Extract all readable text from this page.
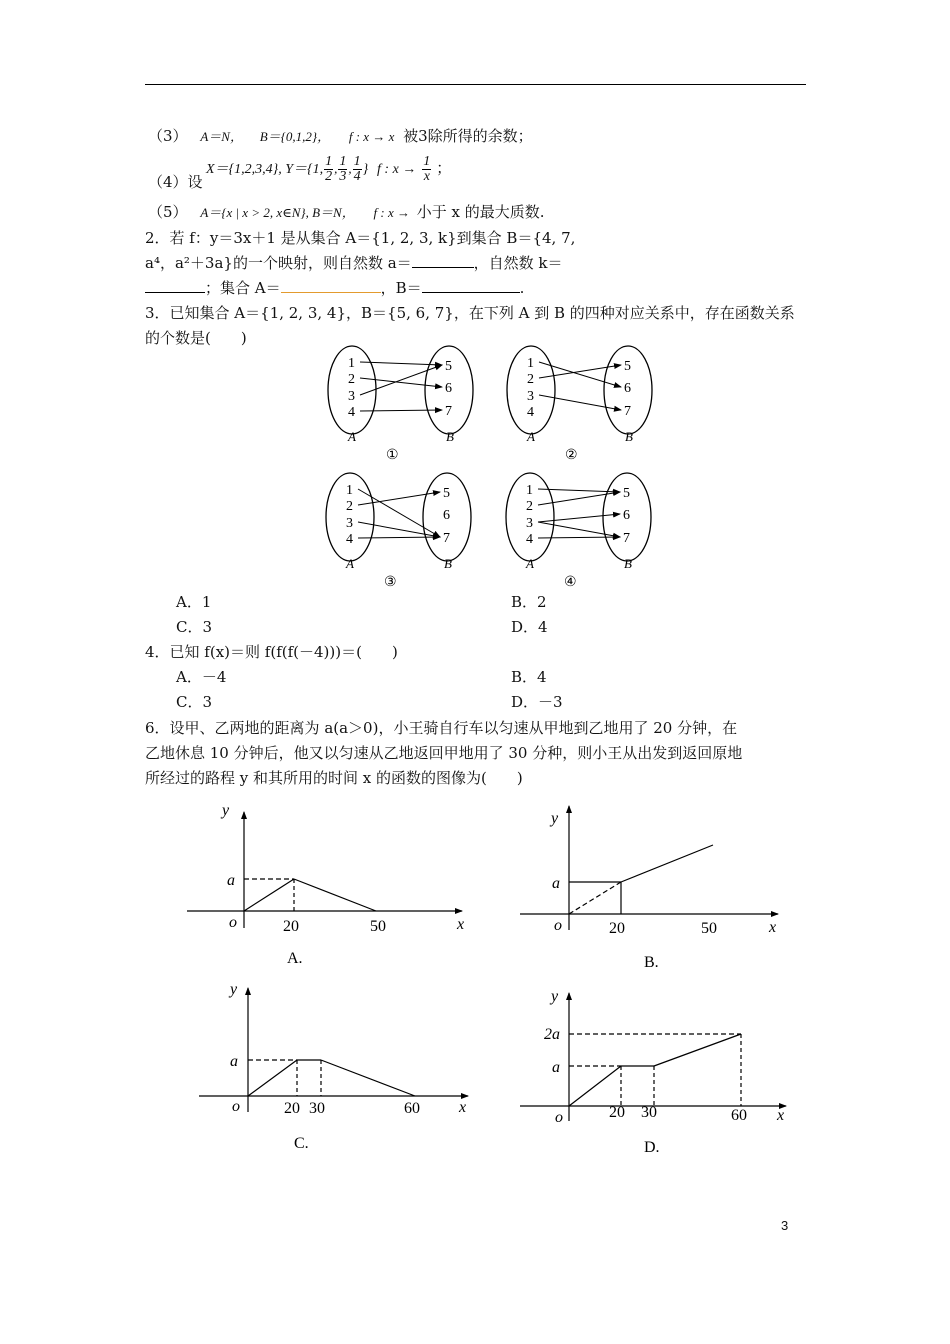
（3） A＝N， B＝{0,1,2}， f : x → x 被3除所得的余数；
（4）设
X＝{1,2,3,4}, Y＝{1, $\frac{1}{2}$ , $\frac{1}{3}$ , $\frac{1}{4}$ } f : $x \to \frac{1}{x}$ ；
（5） A＝{x | x > 2, x∈N}, B＝N， f : x → 小于 x 的最大质数.
2．若 f：y＝3x＋1 是从集合 A＝{1, 2, 3, k}到集合 B＝{4, 7,
a⁴，a²＋3a}的一个映射，则自然数 a＝	，自然数 k＝
；集合 A＝	，B＝	.
3．已知集合 A＝{1, 2, 3, 4}，B＝{5, 6, 7}，在下列 A 到 B 的四种对应关系中，存在函数关系
的个数是(　　)
1
2
3
4
5
6
7
A	B
①
1
2
3
4
5
6
7
A	B
②
1
2
3
4
5
6
7
A	B
③
1
2
3
4
5
6
7
A	B
④
A．1	B．2
C．3	D．4
4．已知 f(x)＝则 f(f(f(－4)))＝(　　)
A．－4	B．4
C．3	D．－3
6．设甲、乙两地的距离为 a(a＞0)，小王骑自行车以匀速从甲地到乙地用了 20 分钟，在
乙地休息 10 分钟后，他又以匀速从乙地返回甲地用了 30 分种，则小王从出发到返回原地
所经过的路程 y 和其所用的时间 x 的函数的图像为(　　)
y
a
o	20	50	x
A.
y
a
o	20	50	x
B.
y
a
o	20 30	60 x
C.
y
2a
a
o	20 30	60 x
D.
3
